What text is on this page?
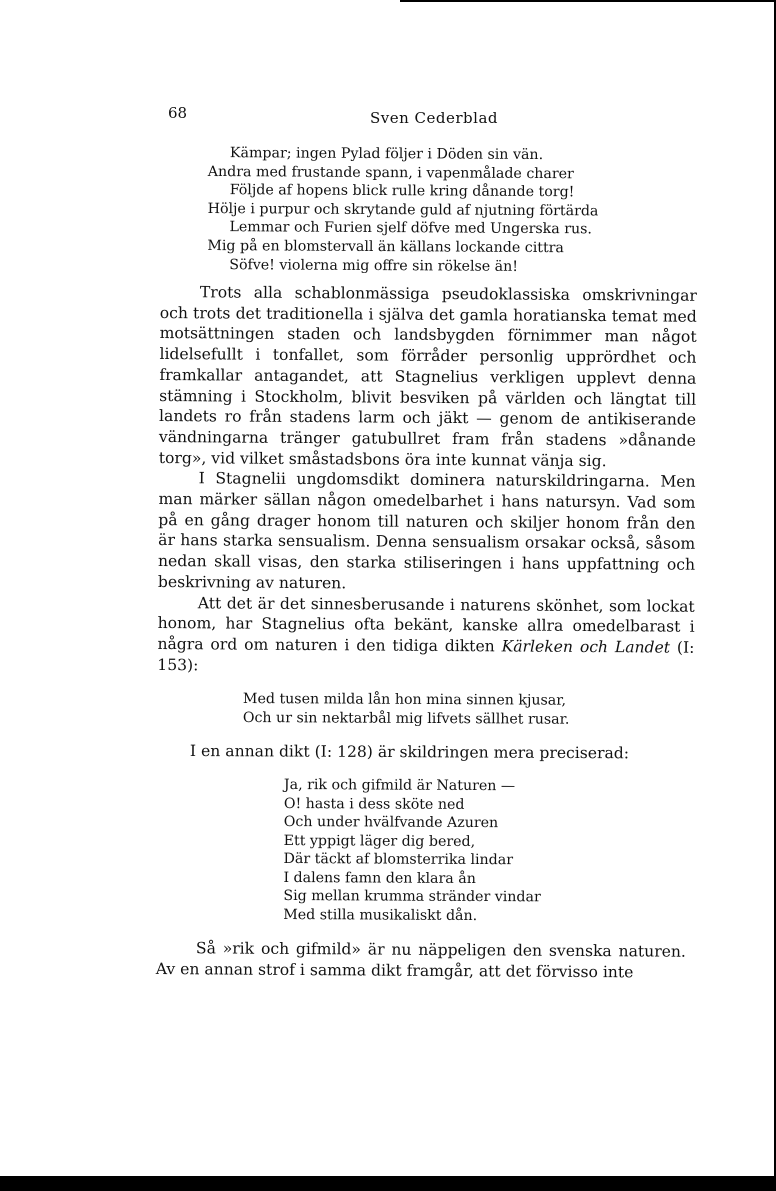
68	Sven Cederblad
Kämpar; ingen Pylad följer i Döden sin vän.
Andra med frustande spann, i vapenmålade charer
Följde af hopens blick rulle kring dånande torg!
Hölje i purpur och skrytande guld af njutning förtärda
Lemmar och Furien sjelf döfve med Ungerska rus.
Mig på en blomstervall än källans lockande cittra
Söfve! violerna mig offre sin rökelse än!

Trots alla schablonmässiga pseudoklassiska omskrivningar och trots det traditionella i själva det gamla horatianska temat med motsättningen staden och landsbygden förnimmer man något lidelsefullt i tonfallet, som förråder personlig upprördhet och framkallar antagandet, att Stagnelius verkligen upplevt denna stämning i Stockholm, blivit besviken på världen och längtat till landets ro från stadens larm och jäkt — genom de antikiserande vändningarna tränger gatubullret fram från stadens »dånande torg», vid vilket småstadsbons öra inte kunnat vänja sig.

I Stagnelii ungdomsdikt dominera naturskildringarna. Men man märker sällan någon omedelbarhet i hans natursyn. Vad som på en gång drager honom till naturen och skiljer honom från den är hans starka sensualism. Denna sensualism orsakar också, såsom nedan skall visas, den starka stiliseringen i hans uppfattning och beskrivning av naturen.

Att det är det sinnesberusande i naturens skönhet, som lockat honom, har Stagnelius ofta bekänt, kanske allra omedelbarast i några ord om naturen i den tidiga dikten Kärleken och Landet (I: 153):

Med tusen milda lån hon mina sinnen kjusar,
Och ur sin nektarbål mig lifvets sällhet rusar.
I en annan dikt (I: 128) är skildringen mera preciserad:
Ja, rik och gifmild är Naturen —
O! hasta i dess sköte ned
Och under hvälfvande Azuren
Ett yppigt läger dig bered,
Där täckt af blomsterrika lindar
I dalens famn den klara ån
Sig mellan krumma stränder vindar
Med stilla musikaliskt dån.

Så »rik och gifmild» är nu näppeligen den svenska naturen. Av en annan strof i samma dikt framgår, att det förvisso inte
